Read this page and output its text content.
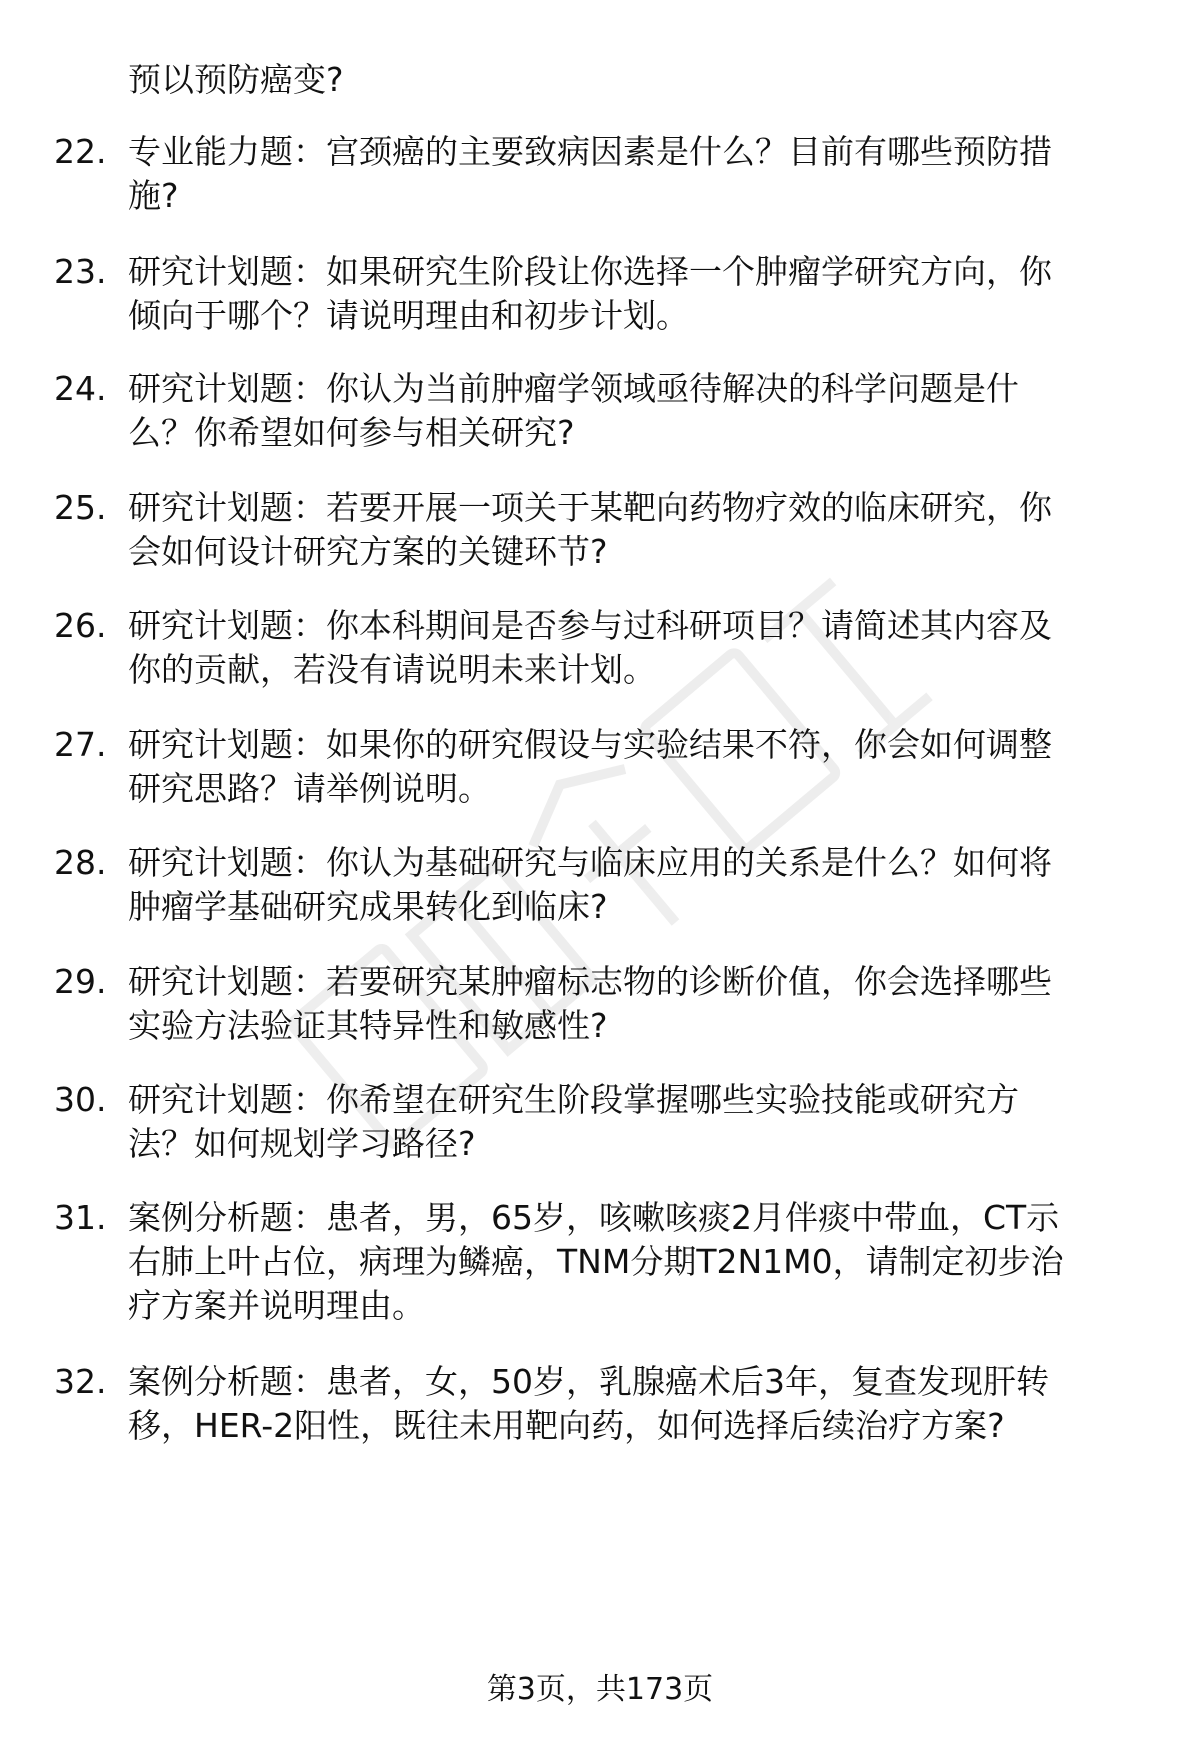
预以预防癌变?
22. 专业能力题：宫颈癌的主要致病因素是什么？目前有哪些预防措
施?
23. 研究计划题：如果研究生阶段让你选择一个肿瘤学研究方向，你
倾向于哪个？请说明理由和初步计划。
24. 研究计划题：你认为当前肿瘤学领域亟待解决的科学问题是什
么？你希望如何参与相关研究?
25. 研究计划题：若要开展一项关于某靶向药物疗效的临床研究，你
会如何设计研究方案的关键环节?
26. 研究计划题：你本科期间是否参与过科研项目？请简述其内容及
你的贡献，若没有请说明未来计划。
27. 研究计划题：如果你的研究假设与实验结果不符，你会如何调整
研究思路？请举例说明。
28. 研究计划题：你认为基础研究与临床应用的关系是什么？如何将
肿瘤学基础研究成果转化到临床?
29. 研究计划题：若要研究某肿瘤标志物的诊断价值，你会选择哪些
实验方法验证其特异性和敏感性?
30. 研究计划题：你希望在研究生阶段掌握哪些实验技能或研究方
法？如何规划学习路径?
31. 案例分析题：患者，男，65岁，咳嗽咳痰2月伴痰中带血，CT示
右肺上叶占位，病理为鳞癌，TNM分期T2N1M0，请制定初步治
疗方案并说明理由。
32. 案例分析题：患者，女，50岁，乳腺癌术后3年，复查发现肝转
移，HER-2阳性，既往未用靶向药，如何选择后续治疗方案?
第3页，共173页
